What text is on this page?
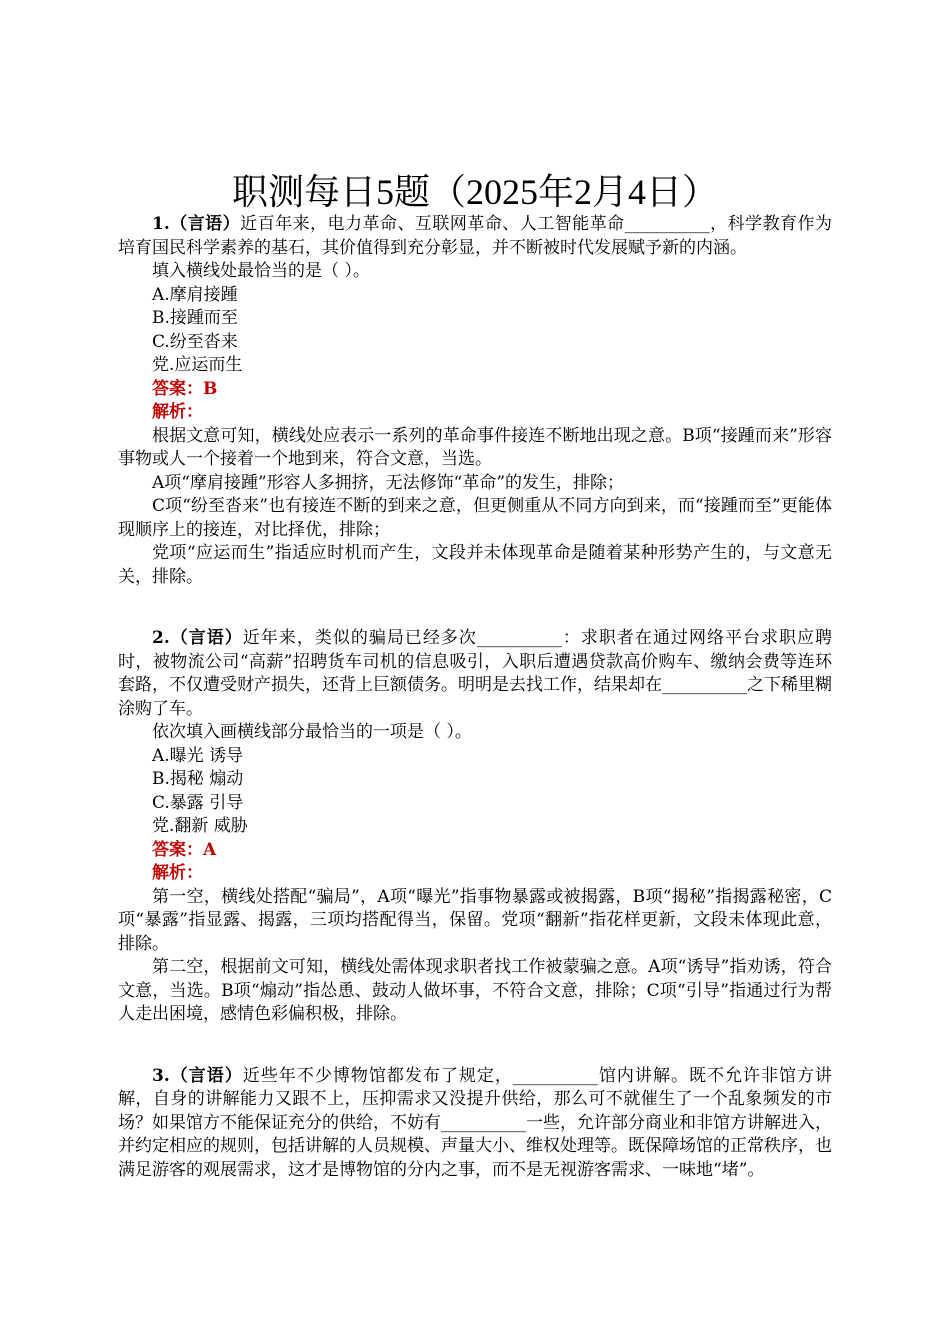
职测每日5题（2025年2月4日）

1.（言语）近百年来，电力革命、互联网革命、人工智能革命__________，科学教育作为培育国民科学素养的基石，其价值得到充分彰显，并不断被时代发展赋予新的内涵。

填入横线处最恰当的是（ ）。

A.摩肩接踵

B.接踵而至

C.纷至沓来

党.应运而生

答案：B

解析：

根据文意可知，横线处应表示一系列的革命事件接连不断地出现之意。B项“接踵而来”形容事物或人一个接着一个地到来，符合文意，当选。

A项“摩肩接踵”形容人多拥挤，无法修饰“革命”的发生，排除；

C项“纷至沓来”也有接连不断的到来之意，但更侧重从不同方向到来，而“接踵而至”更能体现顺序上的接连，对比择优，排除；

党项“应运而生”指适应时机而产生，文段并未体现革命是随着某种形势产生的，与文意无关，排除。

2.（言语）近年来，类似的骗局已经多次__________：求职者在通过网络平台求职应聘时，被物流公司“高薪”招聘货车司机的信息吸引，入职后遭遇贷款高价购车、缴纳会费等连环套路，不仅遭受财产损失，还背上巨额债务。明明是去找工作，结果却在__________之下稀里糊涂购了车。

依次填入画横线部分最恰当的一项是（ ）。

A.曝光 诱导

B.揭秘 煽动

C.暴露 引导

党.翻新 威胁

答案：A

解析：

第一空，横线处搭配“骗局”，A项“曝光”指事物暴露或被揭露，B项“揭秘”指揭露秘密，C项“暴露”指显露、揭露，三项均搭配得当，保留。党项“翻新”指花样更新，文段未体现此意，排除。

第二空，根据前文可知，横线处需体现求职者找工作被蒙骗之意。A项“诱导”指劝诱，符合文意，当选。B项“煽动”指怂恿、鼓动人做坏事，不符合文意，排除；C项“引导”指通过行为帮人走出困境，感情色彩偏积极，排除。

3.（言语）近些年不少博物馆都发布了规定，__________馆内讲解。既不允许非馆方讲解，自身的讲解能力又跟不上，压抑需求又没提升供给，那么可不就催生了一个乱象频发的市场？如果馆方不能保证充分的供给，不妨有__________一些，允许部分商业和非馆方讲解进入，并约定相应的规则，包括讲解的人员规模、声量大小、维权处理等。既保障场馆的正常秩序，也满足游客的观展需求，这才是博物馆的分内之事，而不是无视游客需求、一味地“堵”。
